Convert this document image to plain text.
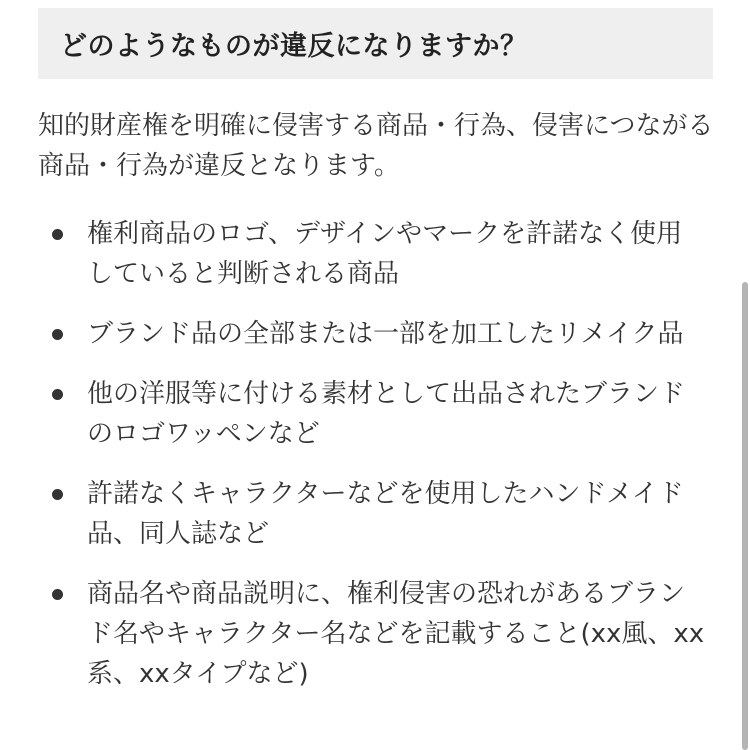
どのようなものが違反になりますか？

知的財産権を明確に侵害する商品・行為、侵害につながる商品・行為が違反となります。

権利商品のロゴ、デザインやマークを許諾なく使用していると判断される商品
ブランド品の全部または一部を加工したリメイク品
他の洋服等に付ける素材として出品されたブランドのロゴワッペンなど
許諾なくキャラクターなどを使用したハンドメイド品、同人誌など
商品名や商品説明に、権利侵害の恐れがあるブランド名やキャラクター名などを記載すること(xx風、xx系、xxタイプなど)
